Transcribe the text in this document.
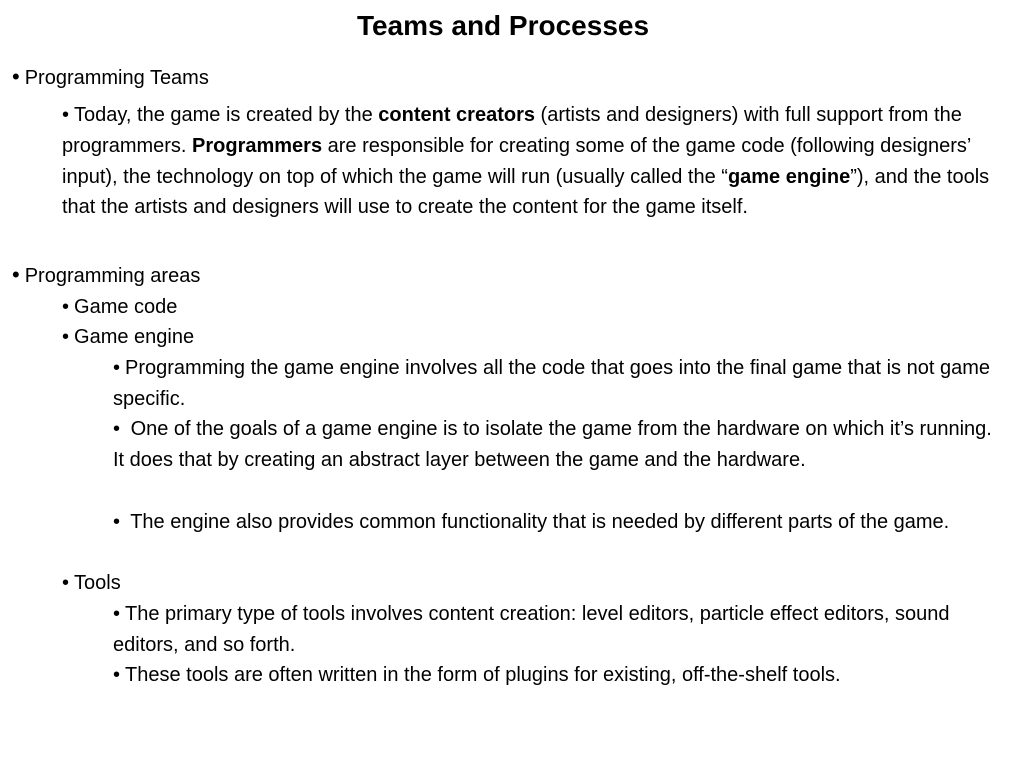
Teams and Processes

• Programming Teams

• Today, the game is created by the content creators (artists and designers) with full support from the programmers. Programmers are responsible for creating some of the game code (following designers’ input), the technology on top of which the game will run (usually called the “game engine”), and the tools that the artists and designers will use to create the content for the game itself.

• Programming areas

• Game code

• Game engine

• Programming the game engine involves all the code that goes into the final game that is not game specific.

• One of the goals of a game engine is to isolate the game from the hardware on which it’s running. It does that by creating an abstract layer between the game and the hardware.

• The engine also provides common functionality that is needed by different parts of the game.

• Tools

• The primary type of tools involves content creation: level editors, particle effect editors, sound editors, and so forth.

• These tools are often written in the form of plugins for existing, off-the-shelf tools.
